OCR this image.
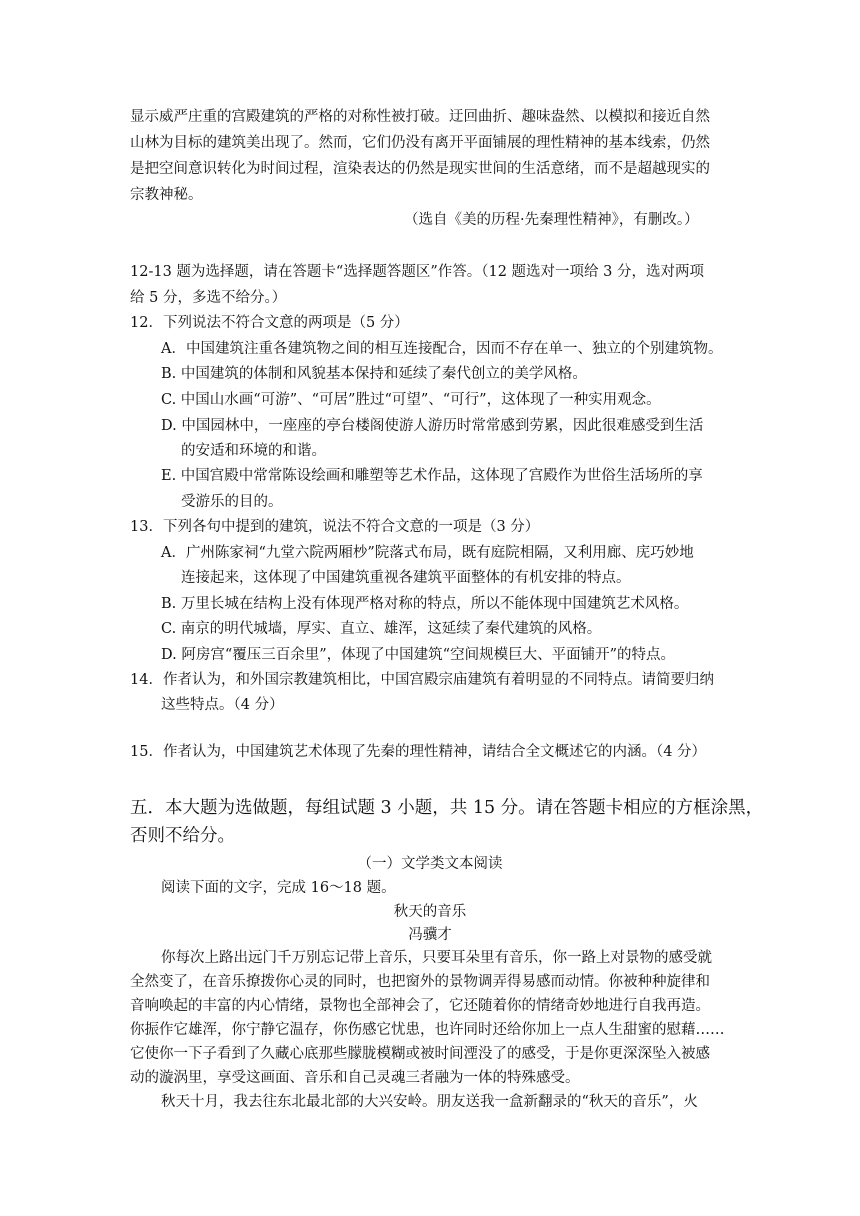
显示威严庄重的宫殿建筑的严格的对称性被打破。迂回曲折、趣味盎然、以模拟和接近自然
山林为目标的建筑美出现了。然而，它们仍没有离开平面铺展的理性精神的基本线索，仍然
是把空间意识转化为时间过程，渲染表达的仍然是现实世间的生活意绪，而不是超越现实的
宗教神秘。
（选自《美的历程·先秦理性精神》，有删改。）
12-13 题为选择题，请在答题卡“选择题答题区”作答。（12 题选对一项给 3 分，选对两项
给 5 分，多选不给分。）
12．下列说法不符合文意的两项是（5 分）
A．中国建筑注重各建筑物之间的相互连接配合，因而不存在单一、独立的个别建筑物。
B. 中国建筑的体制和风貌基本保持和延续了秦代创立的美学风格。
C. 中国山水画“可游”、“可居”胜过“可望”、“可行”，这体现了一种实用观念。
D. 中国园林中，一座座的亭台楼阁使游人游历时常常感到劳累，因此很难感受到生活
的安适和环境的和谐。
E. 中国宫殿中常常陈设绘画和雕塑等艺术作品，这体现了宫殿作为世俗生活场所的享
受游乐的目的。
13．下列各句中提到的建筑，说法不符合文意的一项是（3 分）
A．广州陈家祠“九堂六院两厢杪”院落式布局，既有庭院相隔，又利用廊、庑巧妙地
连接起来，这体现了中国建筑重视各建筑平面整体的有机安排的特点。
B. 万里长城在结构上没有体现严格对称的特点，所以不能体现中国建筑艺术风格。
C. 南京的明代城墙，厚实、直立、雄浑，这延续了秦代建筑的风格。
D. 阿房宫“覆压三百余里”，体现了中国建筑“空间规模巨大、平面铺开”的特点。
14．作者认为，和外国宗教建筑相比，中国宫殿宗庙建筑有着明显的不同特点。请简要归纳
这些特点。（4 分）
15．作者认为，中国建筑艺术体现了先秦的理性精神，请结合全文概述它的内涵。（4 分）
五．本大题为选做题，每组试题 3 小题，共 15 分。请在答题卡相应的方框涂黑，
否则不给分。
（一）文学类文本阅读
阅读下面的文字，完成 16～18 题。
秋天的音乐
冯骥才
你每次上路出远门千万别忘记带上音乐，只要耳朵里有音乐，你一路上对景物的感受就
全然变了，在音乐撩拨你心灵的同时，也把窗外的景物调弄得易感而动情。你被种种旋律和
音响唤起的丰富的内心情绪，景物也全部神会了，它还随着你的情绪奇妙地进行自我再造。
你振作它雄浑，你宁静它温存，你伤感它忧患，也许同时还给你加上一点人生甜蜜的慰藉……
它使你一下子看到了久藏心底那些朦胧模糊或被时间湮没了的感受，于是你更深深坠入被感
动的漩涡里，享受这画面、音乐和自己灵魂三者融为一体的特殊感受。
秋天十月，我去往东北最北部的大兴安岭。朋友送我一盒新翻录的“秋天的音乐”，火
